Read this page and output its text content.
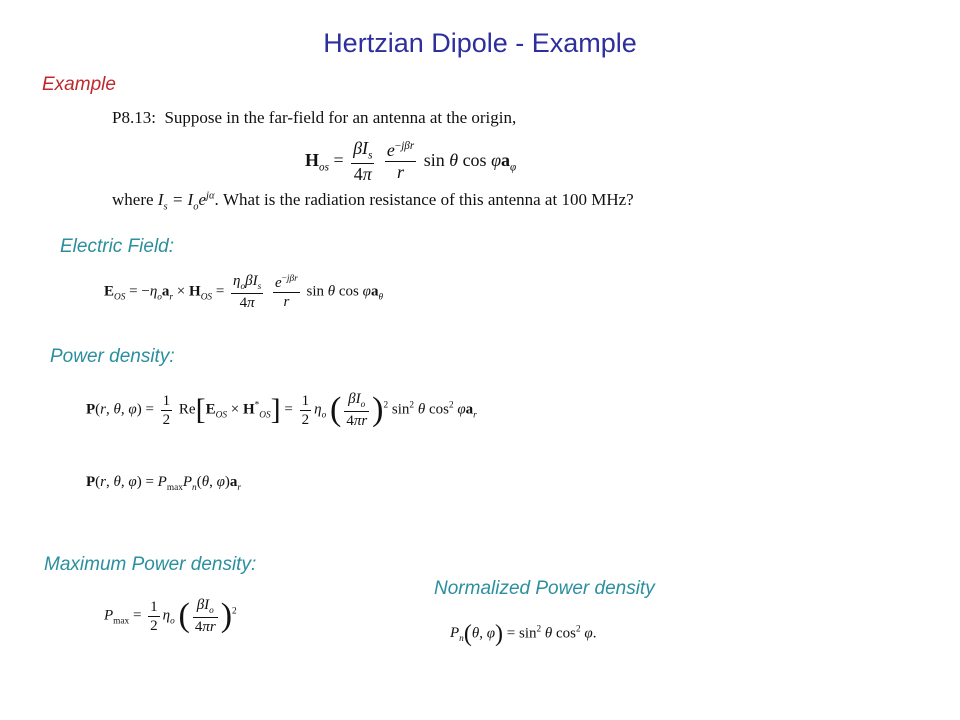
Hertzian Dipole - Example
Example
P8.13: Suppose in the far-field for an antenna at the origin,
$H_{os} = \frac{\beta I_s}{4\pi}$
$\frac{e^{-j\beta r}}{r}$ sin θ $\cos \varphi a_\varphi$
where $I_s = I_oe^{j\alpha}$. What is the radiation resistance of this antenna at 100 MHz?
Electric Field:
$E_{OS} = -\eta_oa_r \times H_{OS} = \frac{\eta_o\beta I_s}{4\pi}$
$\frac{e^{-j\beta r}}{r}$ sin θ $\cos \varphi a_\theta$
Power density:
P(r, θ, $\varphi) = \frac{1}{2} Re[E_{OS} \times H^*_{OS}] = \frac{1}{2} \eta_o$ ( $\frac{\beta I_o}{4\pi r} )^2$ $\sin^2 \theta$ $\cos^2 \varphi a_r$
P(r, θ, $\varphi) = P_{max}P_n(\theta$, $\varphi)a_r$
Maximum Power density:
$P_{max} = \frac{1}{2} \eta_o$ ( $\frac{\beta I_o}{4\pi r} )^2$
Normalized Power density
$P_n(\theta$, $\varphi) = \sin^2 \theta$ $\cos^2 \varphi$.
